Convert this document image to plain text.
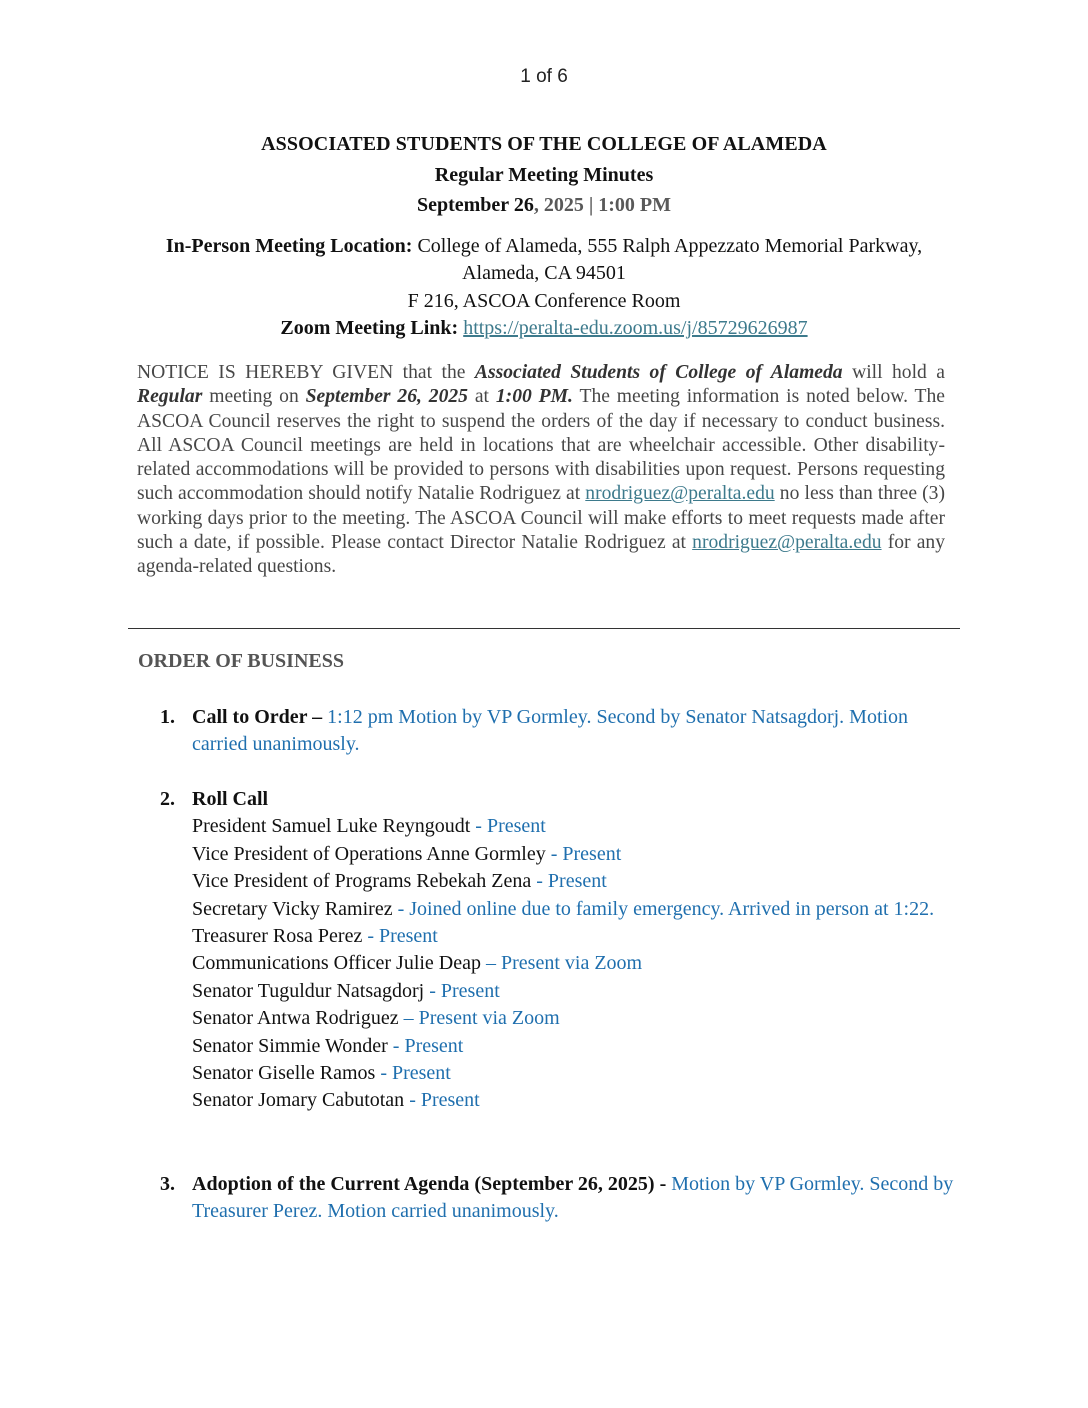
1 of 6
ASSOCIATED STUDENTS OF THE COLLEGE OF ALAMEDA
Regular Meeting Minutes
September 26, 2025 | 1:00 PM
In-Person Meeting Location: College of Alameda, 555 Ralph Appezzato Memorial Parkway,
Alameda, CA 94501
F 216, ASCOA Conference Room
Zoom Meeting Link: https://peralta-edu.zoom.us/j/85729626987
NOTICE IS HEREBY GIVEN that the Associated Students of College of Alameda will hold a Regular meeting on September 26, 2025 at 1:00 PM. The meeting information is noted below. The ASCOA Council reserves the right to suspend the orders of the day if necessary to conduct business. All ASCOA Council meetings are held in locations that are wheelchair accessible. Other disability-related accommodations will be provided to persons with disabilities upon request. Persons requesting such accommodation should notify Natalie Rodriguez at nrodriguez@peralta.edu no less than three (3) working days prior to the meeting. The ASCOA Council will make efforts to meet requests made after such a date, if possible. Please contact Director Natalie Rodriguez at nrodriguez@peralta.edu for any agenda-related questions.
ORDER OF BUSINESS
1. Call to Order – 1:12 pm Motion by VP Gormley. Second by Senator Natsagdorj. Motion carried unanimously.
2. Roll Call
President Samuel Luke Reyngoudt - Present
Vice President of Operations Anne Gormley - Present
Vice President of Programs Rebekah Zena - Present
Secretary Vicky Ramirez - Joined online due to family emergency. Arrived in person at 1:22.
Treasurer Rosa Perez - Present
Communications Officer Julie Deap – Present via Zoom
Senator Tuguldur Natsagdorj - Present
Senator Antwa Rodriguez – Present via Zoom
Senator Simmie Wonder - Present
Senator Giselle Ramos - Present
Senator Jomary Cabutotan - Present
3. Adoption of the Current Agenda (September 26, 2025) - Motion by VP Gormley. Second by Treasurer Perez. Motion carried unanimously.
